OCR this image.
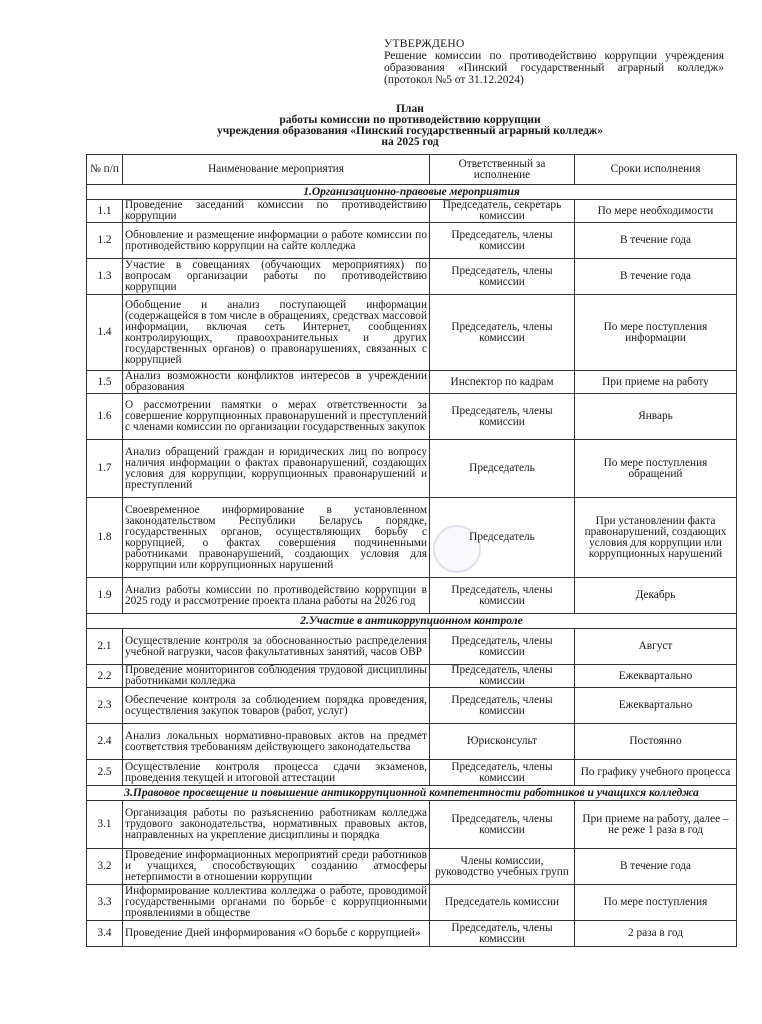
УТВЕРЖДЕНО
Решение комиссии по противодействию коррупции учреждения образования «Пинский государственный аграрный колледж» (протокол №5 от 31.12.2024)
План
работы комиссии по противодействию коррупции
учреждения образования «Пинский государственный аграрный колледж»
на 2025 год
№ п/п	Наименование мероприятия	Ответственный за исполнение	Сроки исполнения
1.Организационно-правовые мероприятия			
1.1	Проведение заседаний комиссии по противодействию коррупции	Председатель, секретарь комиссии	По мере необходимости
1.2	Обновление и размещение информации о работе комиссии по противодействию коррупции на сайте колледжа	Председатель, члены комиссии	В течение года
1.3	Участие в совещаниях (обучающих мероприятиях) по вопросам организации работы по противодействию коррупции	Председатель, члены комиссии	В течение года
1.4	Обобщение и анализ поступающей информации (содержащейся в том числе в обращениях, средствах массовой информации, включая сеть Интернет, сообщениях контролирующих, правоохранительных и других государственных органов) о правонарушениях, связанных с коррупцией	Председатель, члены комиссии	По мере поступления информации
1.5	Анализ возможности конфликтов интересов в учреждении образования	Инспектор по кадрам	При приеме на работу
1.6	О рассмотрении памятки о мерах ответственности за совершение коррупционных правонарушений и преступлений с членами комиссии по организации государственных закупок	Председатель, члены комиссии	Январь
1.7	Анализ обращений граждан и юридических лиц по вопросу наличия информации о фактах правонарушений, создающих условия для коррупции, коррупционных правонарушений и преступлений	Председатель	По мере поступления обращений
1.8	Своевременное информирование в установленном законодательством Республики Беларусь порядке, государственных органов, осуществляющих борьбу с коррупцией, о фактах совершения подчиненными работниками правонарушений, создающих условия для коррупции или коррупционных нарушений	Председатель	При установлении факта правонарушений, создающих условия для коррупции или коррупционных нарушений
1.9	Анализ работы комиссии по противодействию коррупции в 2025 году и рассмотрение проекта плана работы на 2026 год	Председатель, члены комиссии	Декабрь
2.Участие в антикоррупционном контроле			
2.1	Осуществление контроля за обоснованностью распределения учебной нагрузки, часов факультативных занятий, часов ОВР	Председатель, члены комиссии	Август
2.2	Проведение мониторингов соблюдения трудовой дисциплины работниками колледжа	Председатель, члены комиссии	Ежеквартально
2.3	Обеспечение контроля за соблюдением порядка проведения, осуществления закупок товаров (работ, услуг)	Председатель, члены комиссии	Ежеквартально
2.4	Анализ локальных нормативно-правовых актов на предмет соответствия требованиям действующего законодательства	Юрисконсульт	Постоянно
2.5	Осуществление контроля процесса сдачи экзаменов, проведения текущей и итоговой аттестации	Председатель, члены комиссии	По графику учебного процесса
3.Правовое просвещение и повышение антикоррупционной компетентности работников и учащихся колледжа			
3.1	Организация работы по разъяснению работникам колледжа трудового законодательства, нормативных правовых актов, направленных на укрепление дисциплины и порядка	Председатель, члены комиссии	При приеме на работу, далее – не реже 1 раза в год
3.2	Проведение информационных мероприятий среди работников и учащихся, способствующих созданию атмосферы нетерпимости в отношении коррупции	Члены комиссии, руководство учебных групп	В течение года
3.3	Информирование коллектива колледжа о работе, проводимой государственными органами по борьбе с коррупционными проявлениями в обществе	Председатель комиссии	По мере поступления
3.4	Проведение Дней информирования «О борьбе с коррупцией»	Председатель, члены комиссии	2 раза в год
